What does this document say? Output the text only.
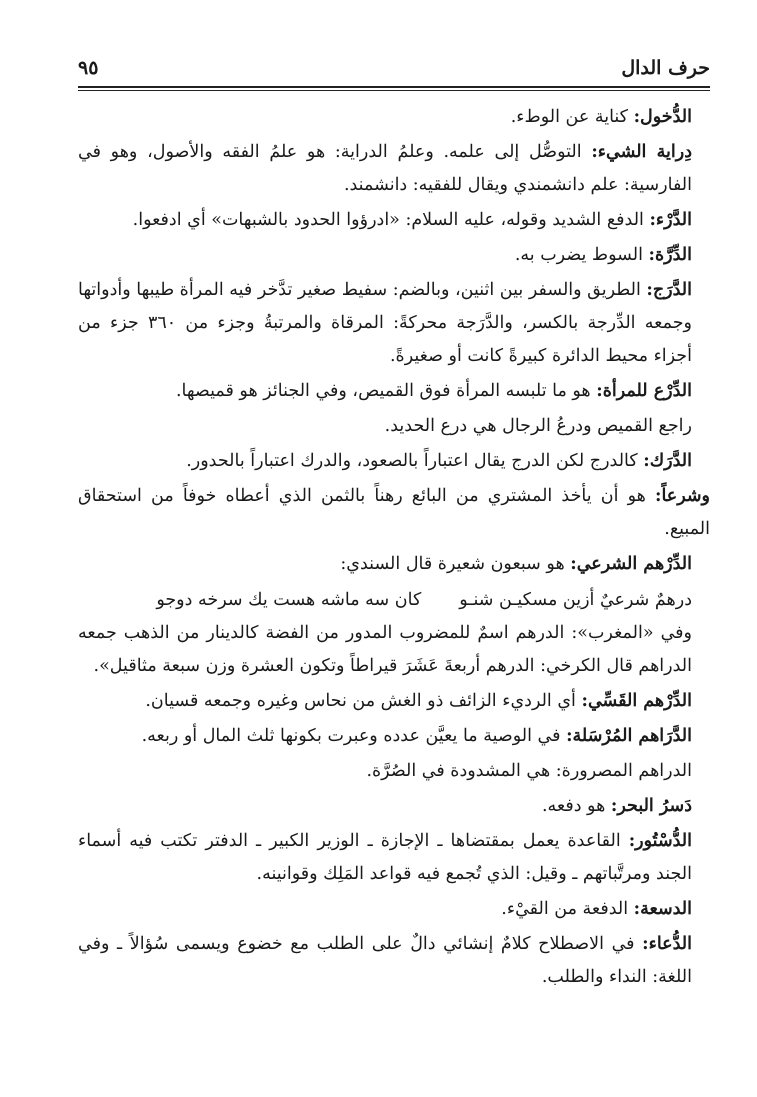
حرف الدال
٩٥

الدُّخول: كناية عن الوطء.

دِراية الشيء: التوصُّل إلى علمه. وعلمُ الدراية: هو علمُ الفقه والأصول، وهو في الفارسية: علم دانشمندي ويقال للفقيه: دانشمند.

الدَّرْء: الدفع الشديد وقوله، عليه السلام: «ادرؤوا الحدود بالشبهات» أي ادفعوا.

الدِّرَّة: السوط يضرب به.

الدَّرَج: الطريق والسفر بين اثنين، وبالضم: سفيط صغير تدَّخر فيه المرأة طيبها وأدواتها وجمعه الدِّرجة بالكسر، والدَّرَجة محركةً: المرقاة والمرتبةُ وجزء من ٣٦٠ جزء من أجزاء محيط الدائرة كبيرةً كانت أو صغيرةً.

الدِّرْع للمرأة: هو ما تلبسه المرأة فوق القميص، وفي الجنائز هو قميصها.

راجع القميص ودرعُ الرجال هي درع الحديد.

الدَّرَك: كالدرج لكن الدرج يقال اعتباراً بالصعود، والدرك اعتباراً بالحدور.

وشرعاً: هو أن يأخذ المشتري من البائع رهناً بالثمن الذي أعطاه خوفاً من استحقاق المبيع.

الدِّرْهم الشرعي: هو سبعون شعيرة قال السندي:

درهمٌ شرعيٌ أزين مسكيـن شنـو
كان سه ماشه هست يك سرخه دوجو

وفي «المغرب»: الدرهم اسمٌ للمضروب المدور من الفضة كالدينار من الذهب جمعه الدراهم قال الكرخي: الدرهم أربعةَ عَشَرَ قيراطاً وتكون العشرة وزن سبعة مثاقيل».

الدِّرْهم القَسِّي: أي الرديء الزائف ذو الغش من نحاس وغيره وجمعه قسيان.

الدَّرَاهم المُرْسَلة: في الوصية ما يعيَّن عدده وعبرت بكونها ثلث المال أو ربعه.

الدراهم المصرورة: هي المشدودة في الصُرَّة.

دَسرُ البحر: هو دفعه.

الدُّسْتُور: القاعدة يعمل بمقتضاها ـ الإجازة ـ الوزير الكبير ـ الدفتر تكتب فيه أسماء الجند ومرتَّباتهم ـ وقيل: الذي تُجمع فيه قواعد المَلِك وقوانينه.

الدسعة: الدفعة من القيْء.

الدُّعاء: في الاصطلاح كلامٌ إنشائي دالٌ على الطلب مع خضوع ويسمى سُؤالاً ـ وفي اللغة: النداء والطلب.
